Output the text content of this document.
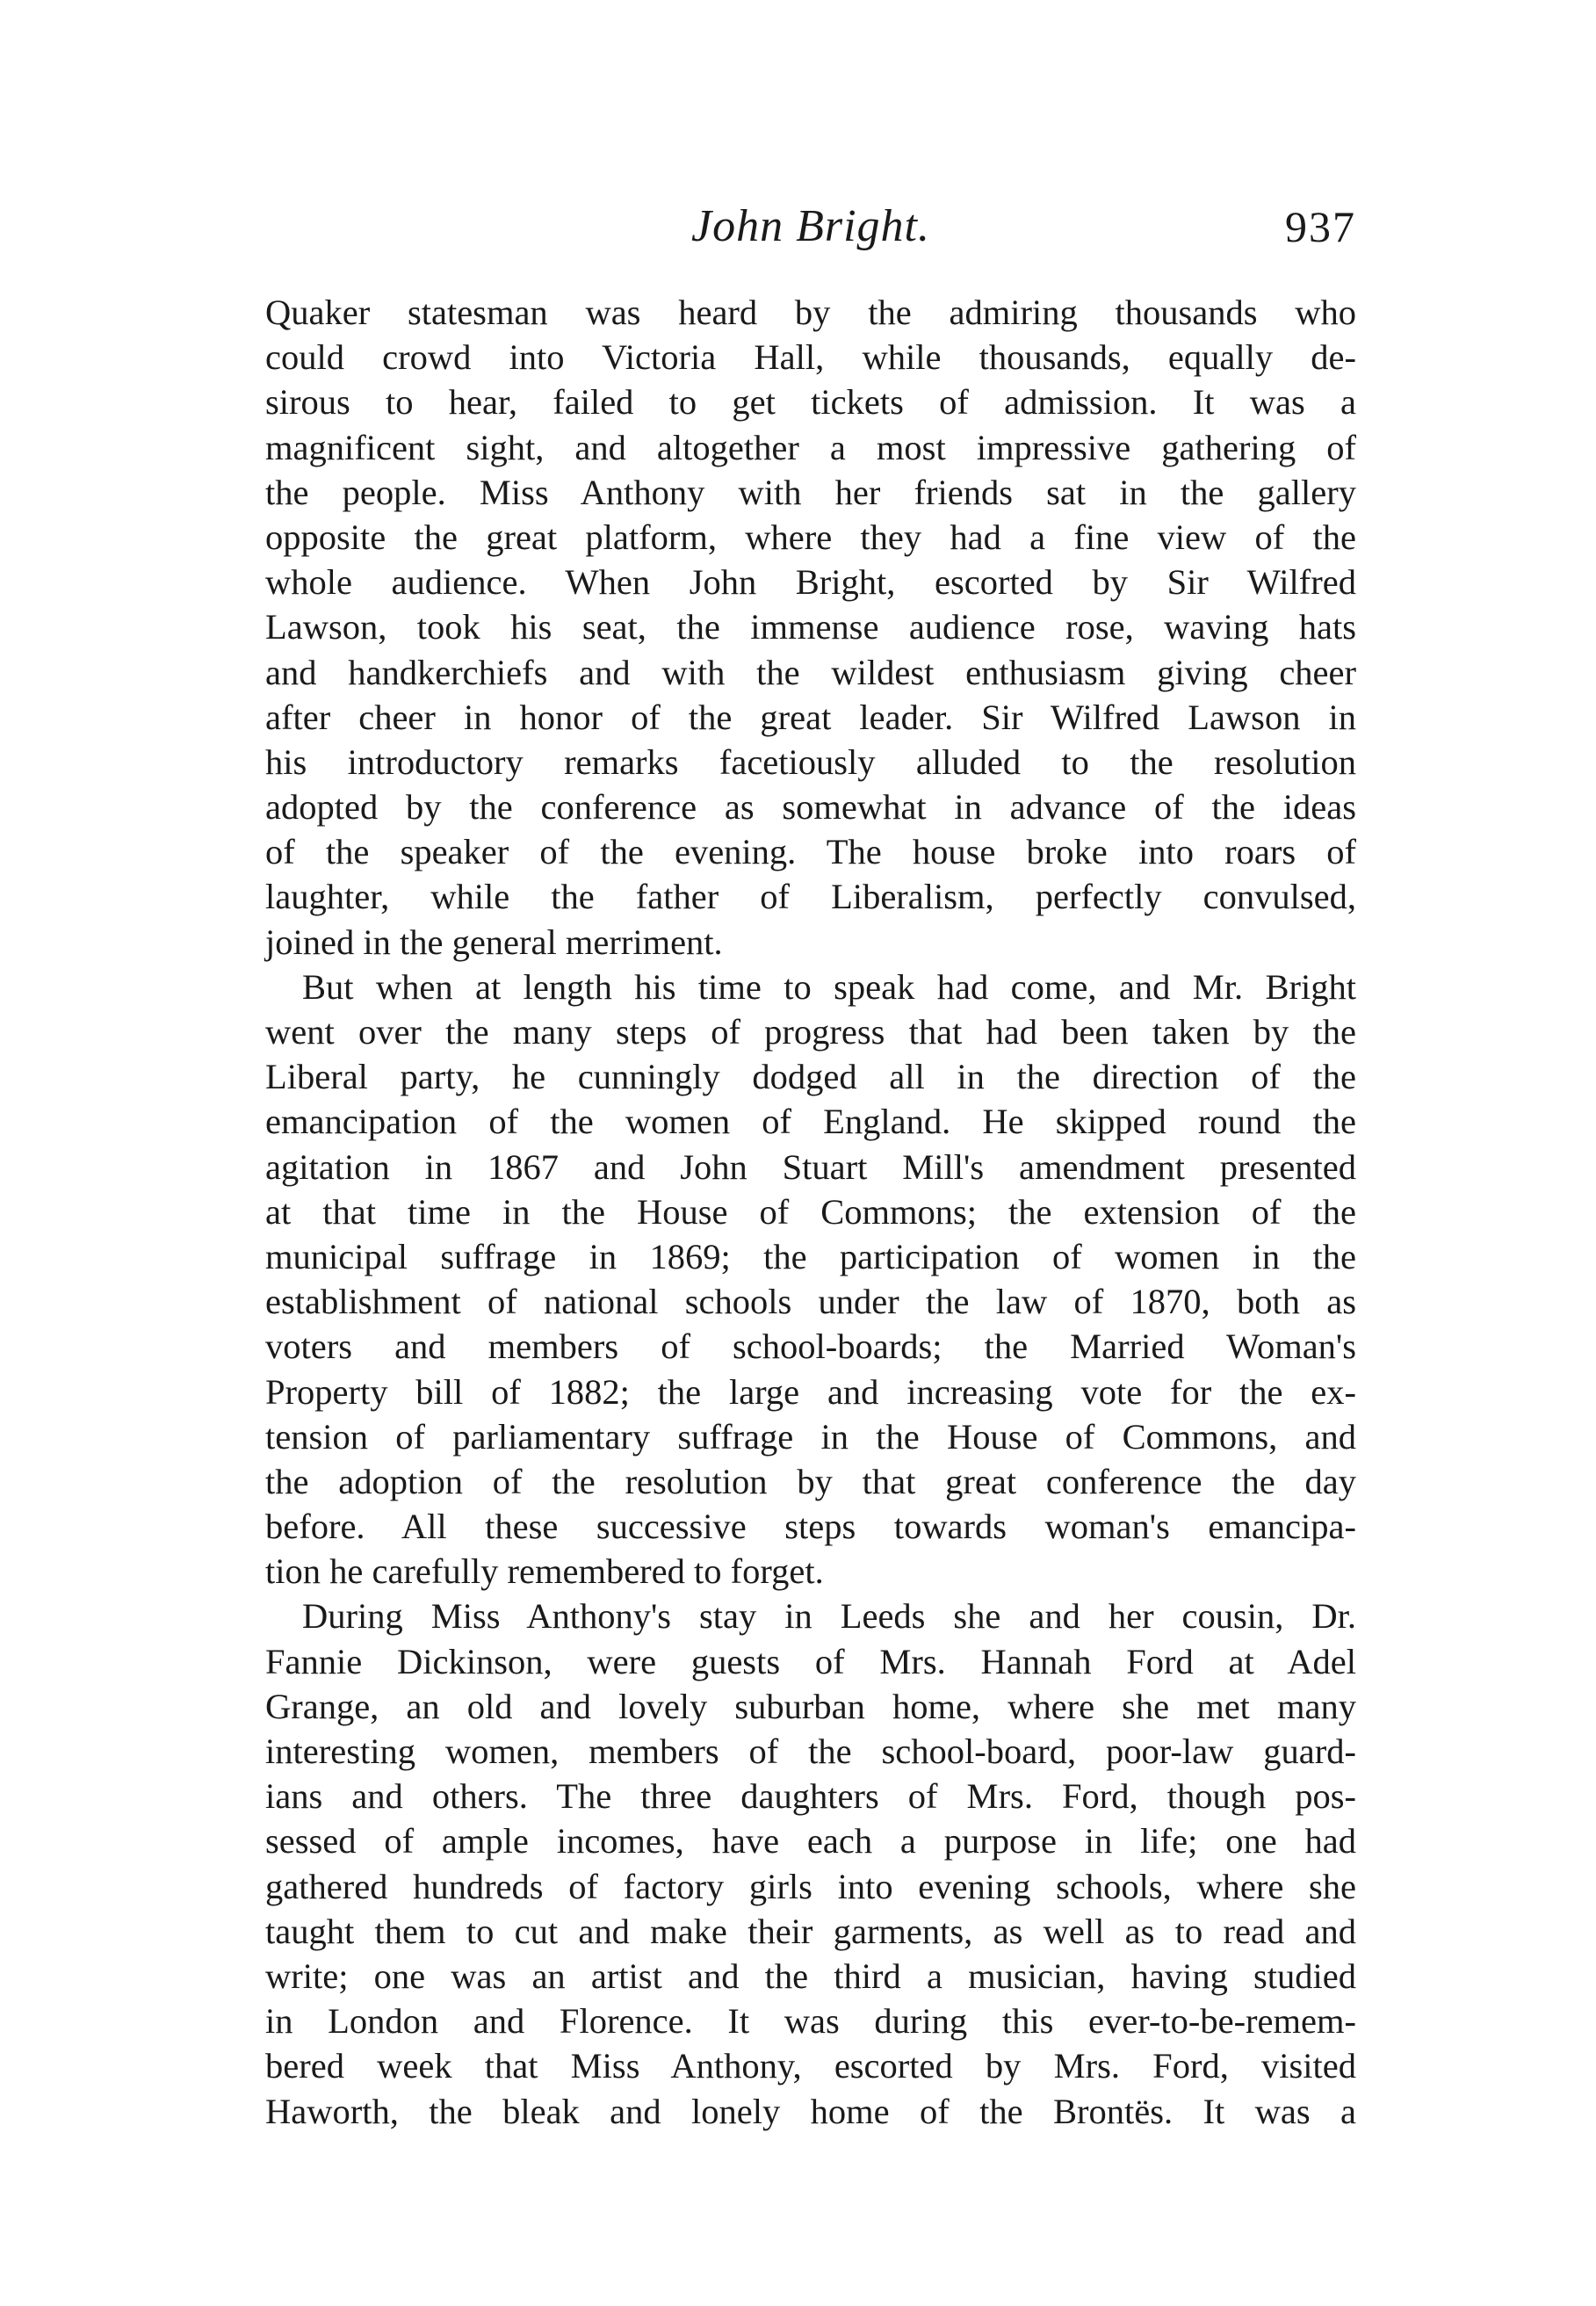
John Bright.	937
Quaker statesman was heard by the admiring thousands who
could crowd into Victoria Hall, while thousands, equally de-
sirous to hear, failed to get tickets of admission. It was a
magnificent sight, and altogether a most impressive gathering of
the people. Miss Anthony with her friends sat in the gallery
opposite the great platform, where they had a fine view of the
whole audience. When John Bright, escorted by Sir Wilfred
Lawson, took his seat, the immense audience rose, waving hats
and handkerchiefs and with the wildest enthusiasm giving cheer
after cheer in honor of the great leader. Sir Wilfred Lawson in
his introductory remarks facetiously alluded to the resolution
adopted by the conference as somewhat in advance of the ideas
of the speaker of the evening. The house broke into roars of
laughter, while the father of Liberalism, perfectly convulsed,
joined in the general merriment.
But when at length his time to speak had come, and Mr. Bright
went over the many steps of progress that had been taken by the
Liberal party, he cunningly dodged all in the direction of the
emancipation of the women of England. He skipped round the
agitation in 1867 and John Stuart Mill's amendment presented
at that time in the House of Commons; the extension of the
municipal suffrage in 1869; the participation of women in the
establishment of national schools under the law of 1870, both as
voters and members of school-boards; the Married Woman's
Property bill of 1882; the large and increasing vote for the ex-
tension of parliamentary suffrage in the House of Commons, and
the adoption of the resolution by that great conference the day
before. All these successive steps towards woman's emancipa-
tion he carefully remembered to forget.
During Miss Anthony's stay in Leeds she and her cousin, Dr.
Fannie Dickinson, were guests of Mrs. Hannah Ford at Adel
Grange, an old and lovely suburban home, where she met many
interesting women, members of the school-board, poor-law guard-
ians and others. The three daughters of Mrs. Ford, though pos-
sessed of ample incomes, have each a purpose in life; one had
gathered hundreds of factory girls into evening schools, where she
taught them to cut and make their garments, as well as to read and
write; one was an artist and the third a musician, having studied
in London and Florence. It was during this ever-to-be-remem-
bered week that Miss Anthony, escorted by Mrs. Ford, visited
Haworth, the bleak and lonely home of the Brontës. It was a
